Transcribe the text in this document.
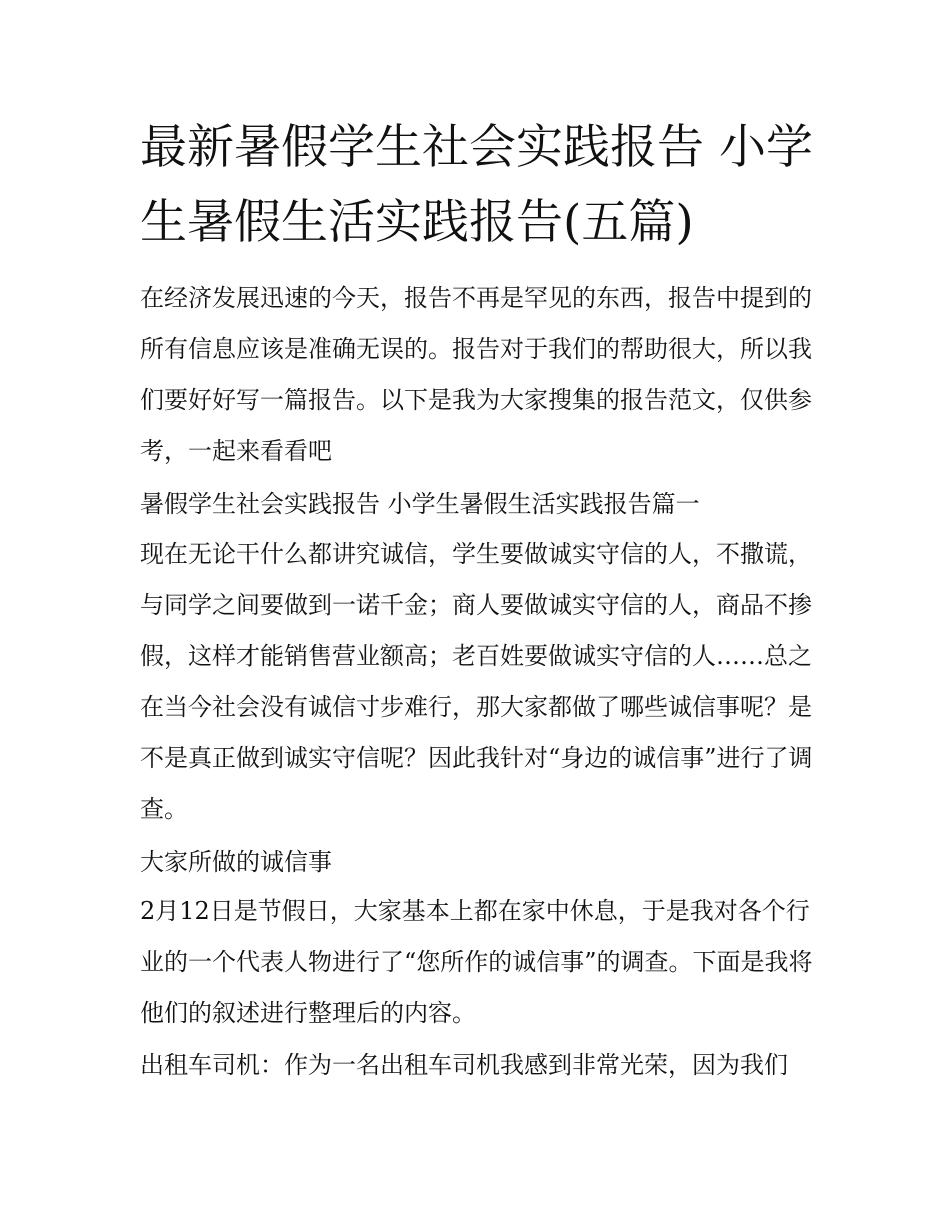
最新暑假学生社会实践报告 小学生暑假生活实践报告(五篇)

在经济发展迅速的今天，报告不再是罕见的东西，报告中提到的所有信息应该是准确无误的。报告对于我们的帮助很大，所以我们要好好写一篇报告。以下是我为大家搜集的报告范文，仅供参考，一起来看看吧

暑假学生社会实践报告 小学生暑假生活实践报告篇一

现在无论干什么都讲究诚信，学生要做诚实守信的人，不撒谎，与同学之间要做到一诺千金；商人要做诚实守信的人，商品不掺假，这样才能销售营业额高；老百姓要做诚实守信的人……总之在当今社会没有诚信寸步难行，那大家都做了哪些诚信事呢？是不是真正做到诚实守信呢？因此我针对“身边的诚信事”进行了调查。

大家所做的诚信事

2月12日是节假日，大家基本上都在家中休息，于是我对各个行业的一个代表人物进行了“您所作的诚信事”的调查。下面是我将他们的叙述进行整理后的内容。

出租车司机：作为一名出租车司机我感到非常光荣，因为我们
